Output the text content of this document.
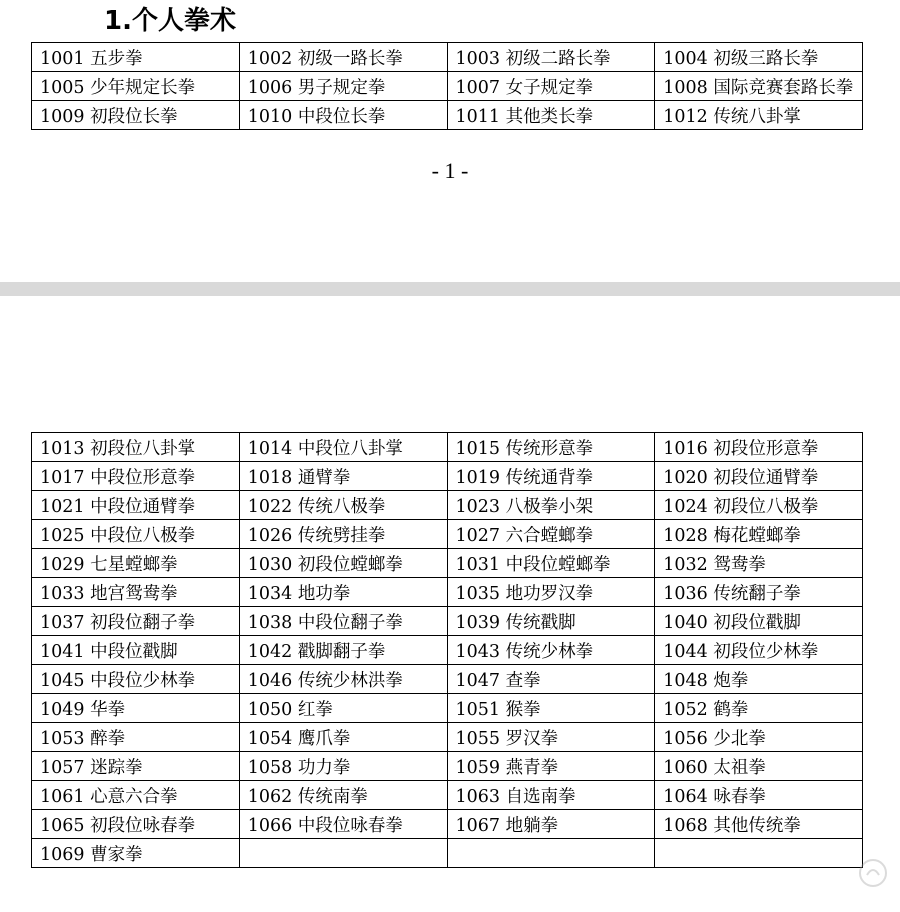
1.个人拳术
1001 五步拳	1002 初级一路长拳	1003 初级二路长拳	1004 初级三路长拳
1005 少年规定长拳	1006 男子规定拳	1007 女子规定拳	1008 国际竞赛套路长拳
1009 初段位长拳	1010 中段位长拳	1011 其他类长拳	1012 传统八卦掌
- 1 -
1013 初段位八卦掌	1014 中段位八卦掌	1015 传统形意拳	1016 初段位形意拳
1017 中段位形意拳	1018 通臂拳	1019 传统通背拳	1020 初段位通臂拳
1021 中段位通臂拳	1022 传统八极拳	1023 八极拳小架	1024 初段位八极拳
1025 中段位八极拳	1026 传统劈挂拳	1027 六合螳螂拳	1028 梅花螳螂拳
1029 七星螳螂拳	1030 初段位螳螂拳	1031 中段位螳螂拳	1032 鸳鸯拳
1033 地宫鸳鸯拳	1034 地功拳	1035 地功罗汉拳	1036 传统翻子拳
1037 初段位翻子拳	1038 中段位翻子拳	1039 传统戳脚	1040 初段位戳脚
1041 中段位戳脚	1042 戳脚翻子拳	1043 传统少林拳	1044 初段位少林拳
1045 中段位少林拳	1046 传统少林洪拳	1047 查拳	1048 炮拳
1049 华拳	1050 红拳	1051 猴拳	1052 鹤拳
1053 醉拳	1054 鹰爪拳	1055 罗汉拳	1056 少北拳
1057 迷踪拳	1058 功力拳	1059 燕青拳	1060 太祖拳
1061 心意六合拳	1062 传统南拳	1063 自选南拳	1064 咏春拳
1065 初段位咏春拳	1066 中段位咏春拳	1067 地躺拳	1068 其他传统拳
1069 曹家拳			
